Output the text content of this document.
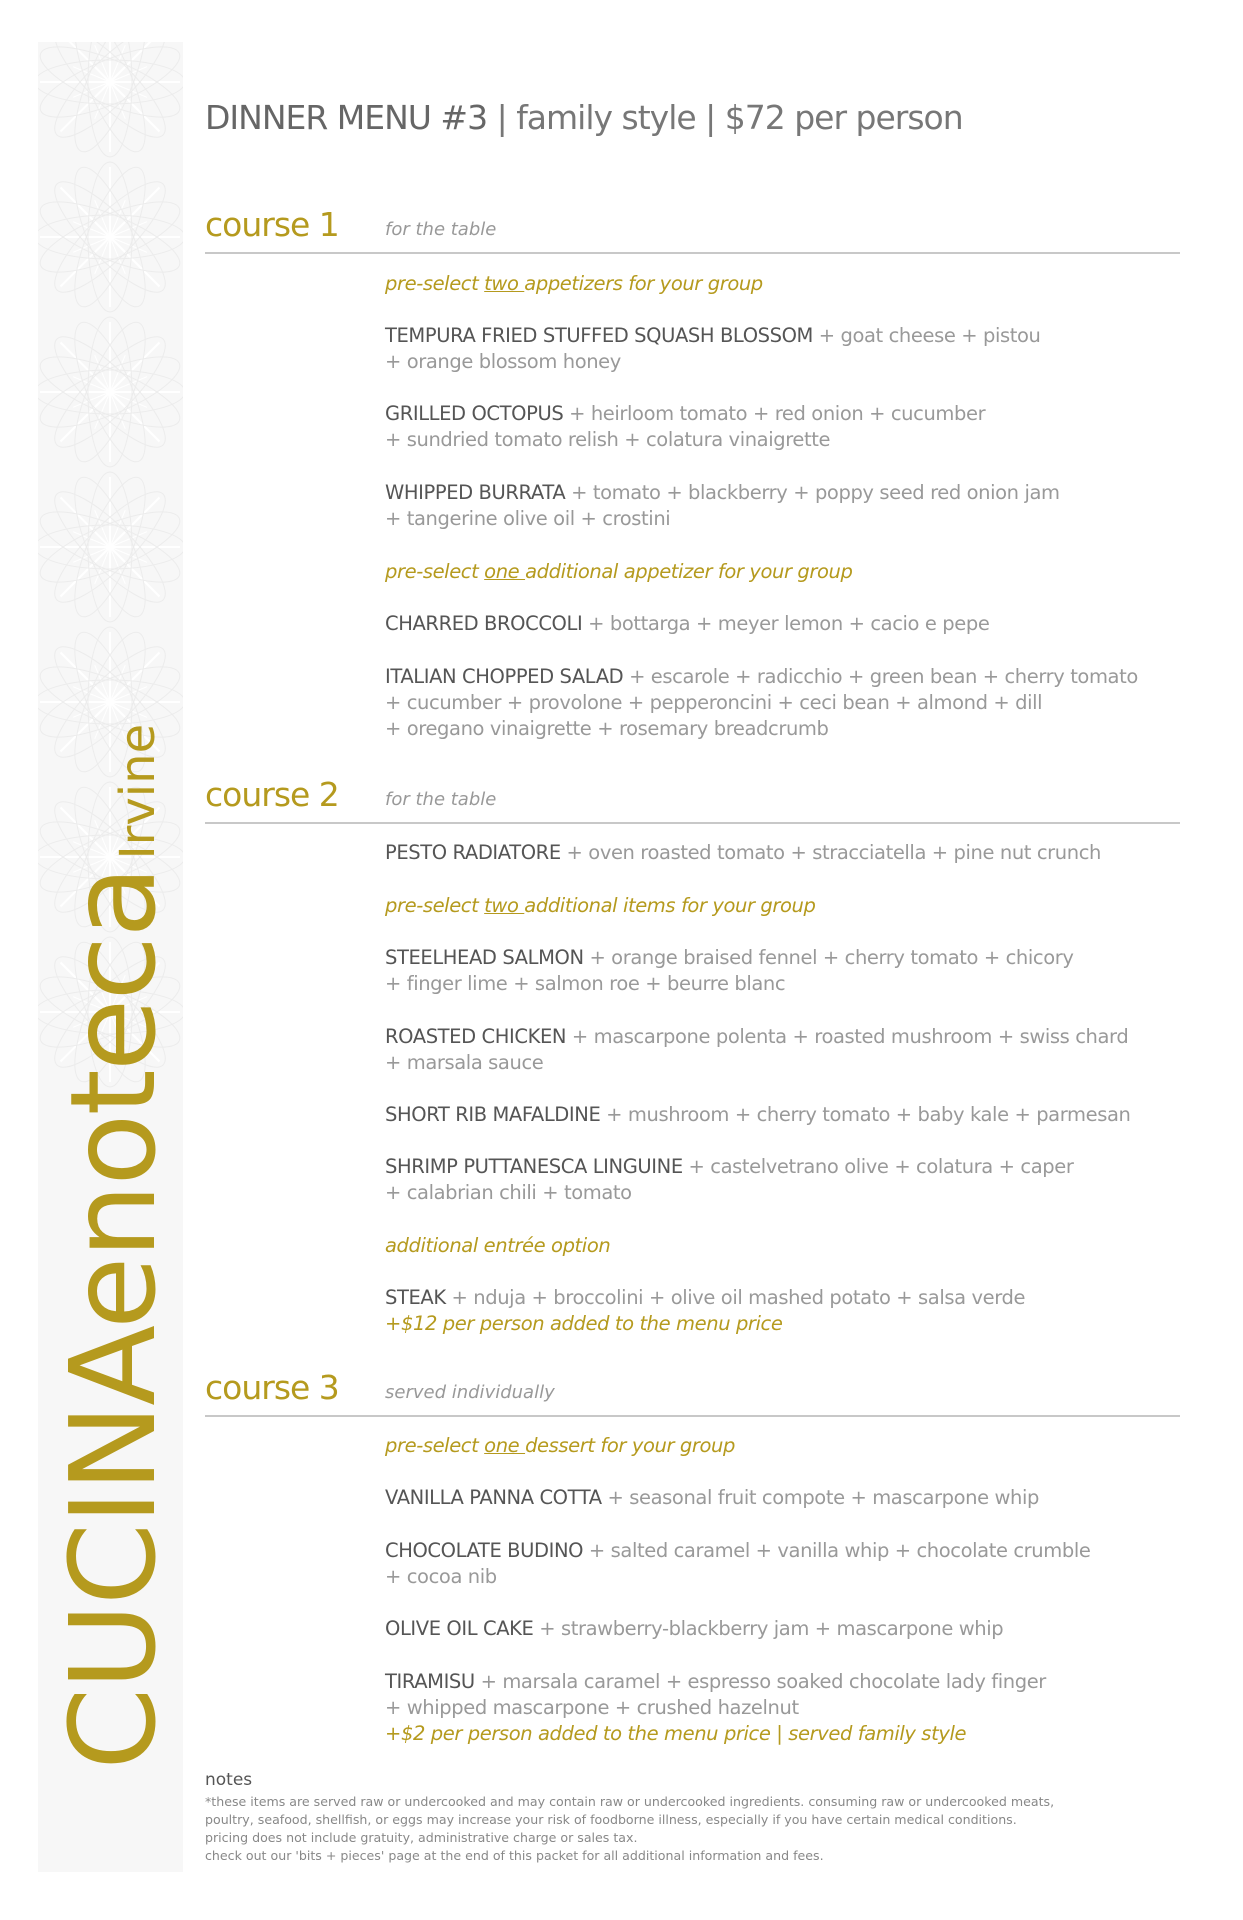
CUCINAenotecaIrvine
DINNER MENU #3 | family style | $72 per person
course 1	for the table
pre-select two appetizers for your group
TEMPURA FRIED STUFFED SQUASH BLOSSOM + goat cheese + pistou
+ orange blossom honey
GRILLED OCTOPUS + heirloom tomato + red onion + cucumber
+ sundried tomato relish + colatura vinaigrette
WHIPPED BURRATA + tomato + blackberry + poppy seed red onion jam
+ tangerine olive oil + crostini
pre-select one additional appetizer for your group
CHARRED BROCCOLI + bottarga + meyer lemon + cacio e pepe
ITALIAN CHOPPED SALAD + escarole + radicchio + green bean + cherry tomato
+ cucumber + provolone + pepperoncini + ceci bean + almond + dill
+ oregano vinaigrette + rosemary breadcrumb
course 2	for the table
PESTO RADIATORE + oven roasted tomato + stracciatella + pine nut crunch
pre-select two additional items for your group
STEELHEAD SALMON + orange braised fennel + cherry tomato + chicory
+ finger lime + salmon roe + beurre blanc
ROASTED CHICKEN + mascarpone polenta + roasted mushroom + swiss chard
+ marsala sauce
SHORT RIB MAFALDINE + mushroom + cherry tomato + baby kale + parmesan
SHRIMP PUTTANESCA LINGUINE + castelvetrano olive + colatura + caper
+ calabrian chili + tomato
additional entrée option
STEAK + nduja + broccolini + olive oil mashed potato + salsa verde
+$12 per person added to the menu price
course 3	served individually
pre-select one dessert for your group
VANILLA PANNA COTTA + seasonal fruit compote + mascarpone whip
CHOCOLATE BUDINO + salted caramel + vanilla whip + chocolate crumble
+ cocoa nib
OLIVE OIL CAKE + strawberry-blackberry jam + mascarpone whip
TIRAMISU + marsala caramel + espresso soaked chocolate lady finger
+ whipped mascarpone + crushed hazelnut
+$2 per person added to the menu price | served family style
notes
*these items are served raw or undercooked and may contain raw or undercooked ingredients. consuming raw or undercooked meats,
poultry, seafood, shellfish, or eggs may increase your risk of foodborne illness, especially if you have certain medical conditions.
pricing does not include gratuity, administrative charge or sales tax.
check out our 'bits + pieces' page at the end of this packet for all additional information and fees.
